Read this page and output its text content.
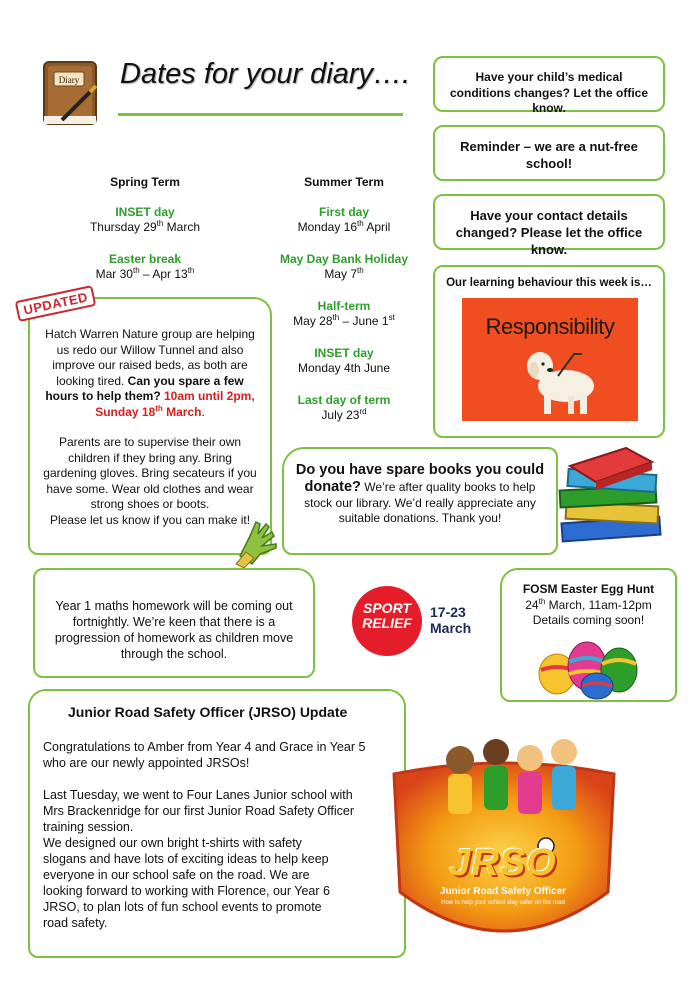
Diary Dates for your diary….
Spring Term
INSET day
Thursday 29th March
Easter break
Mar 30th – Apr 13th
Summer Term
First day
Monday 16th April
May Day Bank Holiday
May 7th
Half-term
May 28th – June 1st
INSET day
Monday 4th June
Last day of term
July 23rd
Have your child’s medical conditions changes? Let the office know.
Reminder – we are a nut-free school!
Have your contact details changed? Please let the office know.
Our learning behaviour this week is…
Responsibility
Hatch Warren Nature group are helping us redo our Willow Tunnel and also improve our raised beds, as both are looking tired. Can you spare a few hours to help them? 10am until 2pm, Sunday 18th March.
Parents are to supervise their own children if they bring any. Bring gardening gloves. Bring secateurs if you have some. Wear old clothes and wear strong shoes or boots.
Please let us know if you can make it!
UPDATED
Do you have spare books you could
donate? We’re after quality books to help stock our library. We’d really appreciate any suitable donations. Thank you!
Year 1 maths homework will be coming out fortnightly. We’re keen that there is a progression of homework as children move through the school.
SPORT
RELIEF
17-23
March
FOSM Easter Egg Hunt
24th March, 11am-12pm
Details coming soon!
Junior Road Safety Officer (JRSO) Update
Congratulations to Amber from Year 4 and Grace in Year 5 who are our newly appointed JRSOs!
Last Tuesday, we went to Four Lanes Junior school with Mrs Brackenridge for our first Junior Road Safety Officer training session.
We designed our own bright t-shirts with safety slogans and have lots of exciting ideas to help keep everyone in our school safe on the road. We are looking forward to working with Florence, our Year 6 JRSO, to plan lots of fun school events to promote road safety.
JRSO
Junior Road Safety Officer
How to help your school stay safer on the road
